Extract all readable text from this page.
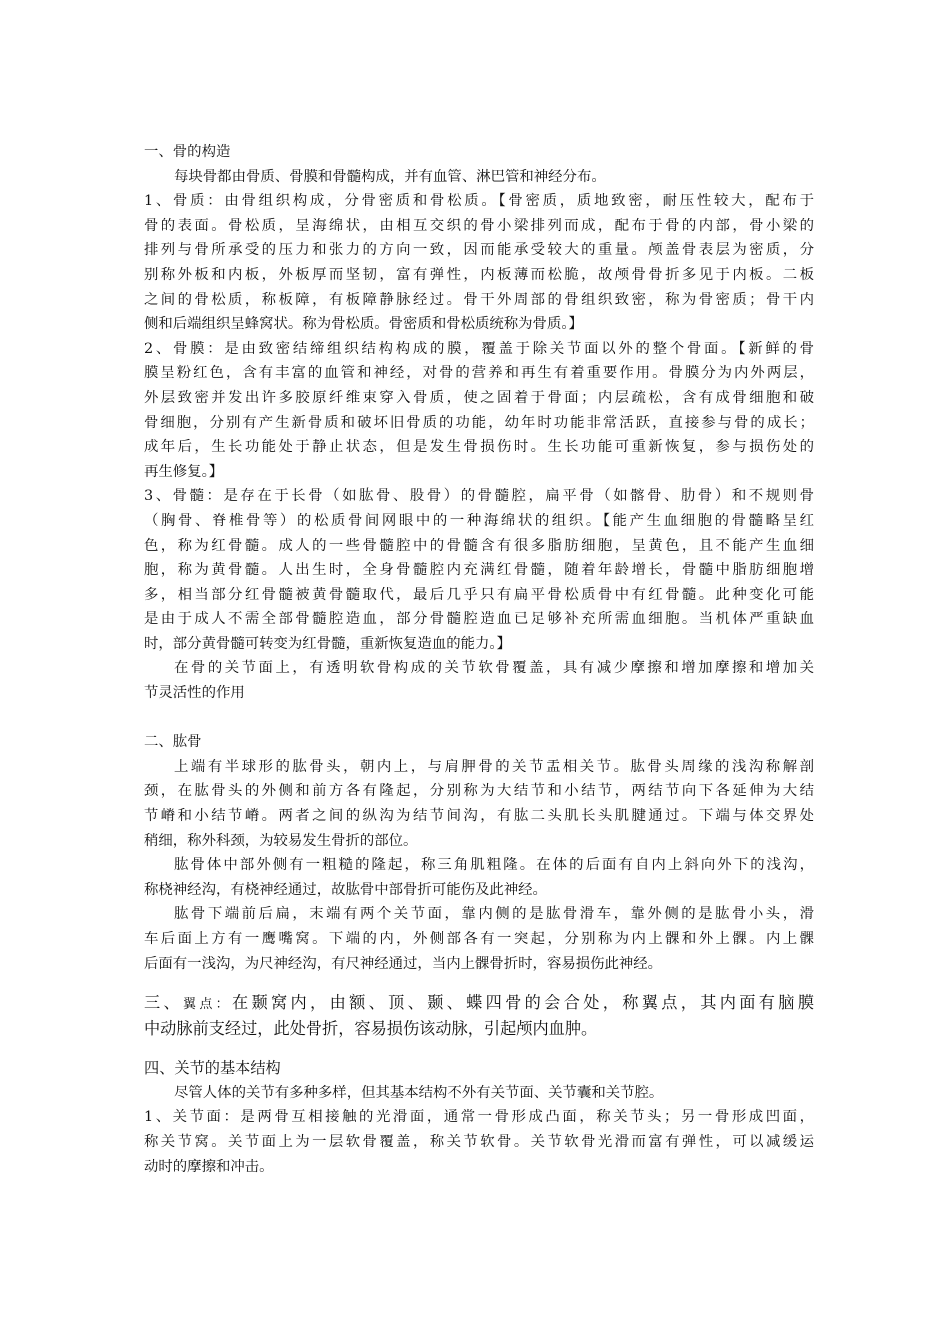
一、骨的构造
每块骨都由骨质、骨膜和骨髓构成，并有血管、淋巴管和神经分布。
1、骨质：由骨组织构成，分骨密质和骨松质。【骨密质，质地致密，耐压性较大，配布于
骨的表面。骨松质，呈海绵状，由相互交织的骨小梁排列而成，配布于骨的内部，骨小梁的
排列与骨所承受的压力和张力的方向一致，因而能承受较大的重量。颅盖骨表层为密质，分
别称外板和内板，外板厚而坚韧，富有弹性，内板薄而松脆，故颅骨骨折多见于内板。二板
之间的骨松质，称板障，有板障静脉经过。骨干外周部的骨组织致密，称为骨密质；骨干内
侧和后端组织呈蜂窝状。称为骨松质。骨密质和骨松质统称为骨质。】
2、骨膜：是由致密结缔组织结构构成的膜，覆盖于除关节面以外的整个骨面。【新鲜的骨
膜呈粉红色，含有丰富的血管和神经，对骨的营养和再生有着重要作用。骨膜分为内外两层，
外层致密并发出许多胶原纤维束穿入骨质，使之固着于骨面；内层疏松，含有成骨细胞和破
骨细胞，分别有产生新骨质和破坏旧骨质的功能，幼年时功能非常活跃，直接参与骨的成长；
成年后，生长功能处于静止状态，但是发生骨损伤时。生长功能可重新恢复，参与损伤处的
再生修复。】
3、骨髓：是存在于长骨（如肱骨、股骨）的骨髓腔，扁平骨（如髂骨、肋骨）和不规则骨
（胸骨、脊椎骨等）的松质骨间网眼中的一种海绵状的组织。【能产生血细胞的骨髓略呈红
色，称为红骨髓。成人的一些骨髓腔中的骨髓含有很多脂肪细胞，呈黄色，且不能产生血细
胞，称为黄骨髓。人出生时，全身骨髓腔内充满红骨髓，随着年龄增长，骨髓中脂肪细胞增
多，相当部分红骨髓被黄骨髓取代，最后几乎只有扁平骨松质骨中有红骨髓。此种变化可能
是由于成人不需全部骨髓腔造血，部分骨髓腔造血已足够补充所需血细胞。当机体严重缺血
时，部分黄骨髓可转变为红骨髓，重新恢复造血的能力。】
在骨的关节面上，有透明软骨构成的关节软骨覆盖，具有减少摩擦和增加摩擦和增加关
节灵活性的作用
二、肱骨
上端有半球形的肱骨头，朝内上，与肩胛骨的关节盂相关节。肱骨头周缘的浅沟称解剖
颈，在肱骨头的外侧和前方各有隆起，分别称为大结节和小结节，两结节向下各延伸为大结
节嵴和小结节嵴。两者之间的纵沟为结节间沟，有肱二头肌长头肌腱通过。下端与体交界处
稍细，称外科颈，为较易发生骨折的部位。
肱骨体中部外侧有一粗糙的隆起，称三角肌粗隆。在体的后面有自内上斜向外下的浅沟，
称桡神经沟，有桡神经通过，故肱骨中部骨折可能伤及此神经。
肱骨下端前后扁，末端有两个关节面，靠内侧的是肱骨滑车，靠外侧的是肱骨小头，滑
车后面上方有一鹰嘴窝。下端的内，外侧部各有一突起，分别称为内上髁和外上髁。内上髁
后面有一浅沟，为尺神经沟，有尺神经通过，当内上髁骨折时，容易损伤此神经。
三、翼点：在颞窝内，由额、顶、颞、蝶四骨的会合处，称翼点，其内面有脑膜
中动脉前支经过，此处骨折，容易损伤该动脉，引起颅内血肿。
四、关节的基本结构
尽管人体的关节有多种多样，但其基本结构不外有关节面、关节囊和关节腔。
1、关节面：是两骨互相接触的光滑面，通常一骨形成凸面，称关节头；另一骨形成凹面，
称关节窝。关节面上为一层软骨覆盖，称关节软骨。关节软骨光滑而富有弹性，可以减缓运
动时的摩擦和冲击。
